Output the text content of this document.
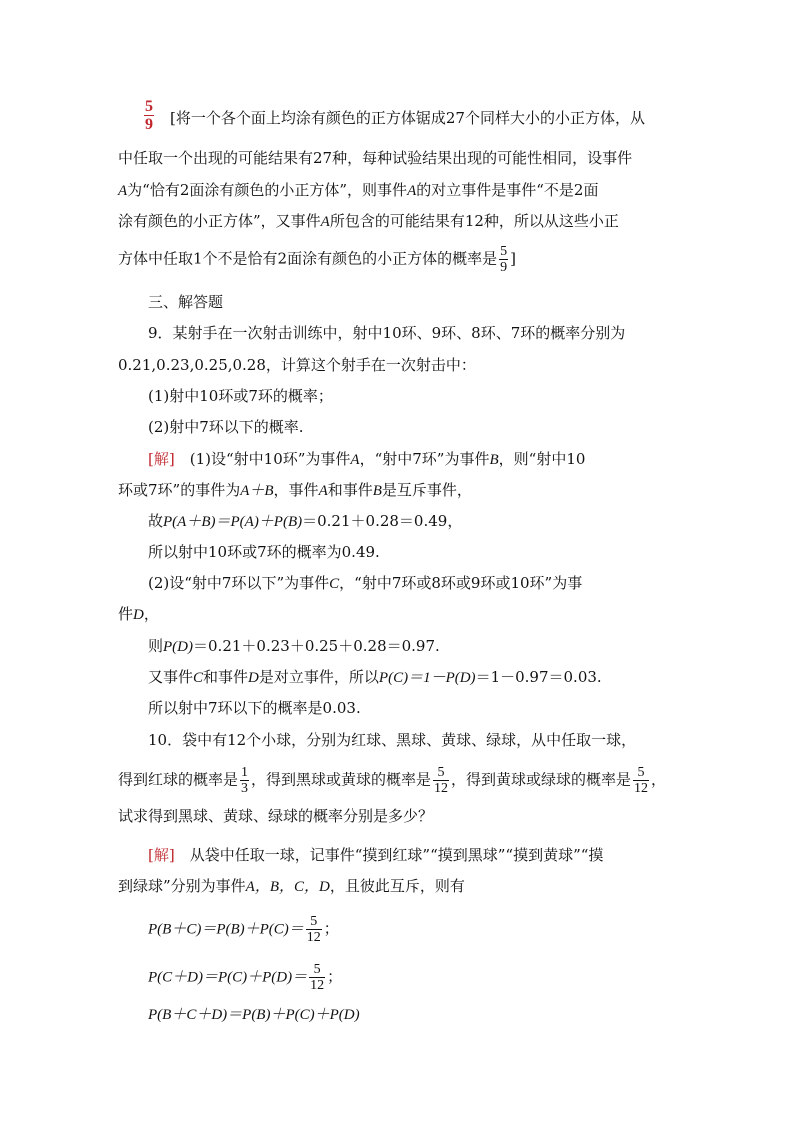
$\frac{5}{9}$ [将一个各个面上均涂有颜色的正方体锯成27个同样大小的小正方体，从
中任取一个出现的可能结果有27种，每种试验结果出现的可能性相同，设事件
A为“恰有2面涂有颜色的小正方体”，则事件A的对立事件是事件“不是2面
涂有颜色的小正方体”，又事件A所包含的可能结果有12种，所以从这些小正
方体中任取1个不是恰有2面涂有颜色的小正方体的概率是 $\frac{5}{9}$ ]
三、解答题
9．某射手在一次射击训练中，射中10环、9环、8环、7环的概率分别为
0.21,0.23,0.25,0.28，计算这个射手在一次射击中：
(1)射中10环或7环的概率；
(2)射中7环以下的概率.
[解]　 (1)设“射中10环”为事件A，“射中7环”为事件B，则“射中10
环或7环”的事件为A＋B，事件A和事件B是互斥事件，
故P(A＋B)＝P(A)＋P(B)＝0.21＋0.28＝0.49，
所以射中10环或7环的概率为0.49.
(2)设“射中7环以下”为事件C，“射中7环或8环或9环或10环”为事
件D，
则P(D)＝0.21＋0.23＋0.25＋0.28＝0.97.
又事件C和事件D是对立事件，所以P(C)＝1－P(D)＝1－0.97＝0.03.
所以射中7环以下的概率是0.03.
10．袋中有12个小球，分别为红球、黑球、黄球、绿球，从中任取一球，
得到红球的概率是 $\frac{1}{3}$ ，得到黑球或黄球的概率是 $\frac{5}{12}$ ，得到黄球或绿球的概率是 $\frac{5}{12}$ ，
试求得到黑球、黄球、绿球的概率分别是多少？
[解]　 从袋中任取一球，记事件“摸到红球”“摸到黑球”“摸到黄球”“摸
到绿球”分别为事件A，B，C，D，且彼此互斥，则有
$P(B+C)=P(B)+P(C)= \frac{5}{12}$ ；
$P(C+D)=P(C)+P(D)= \frac{5}{12}$ ；
P(B＋C＋D)＝P(B)＋P(C)＋P(D)
